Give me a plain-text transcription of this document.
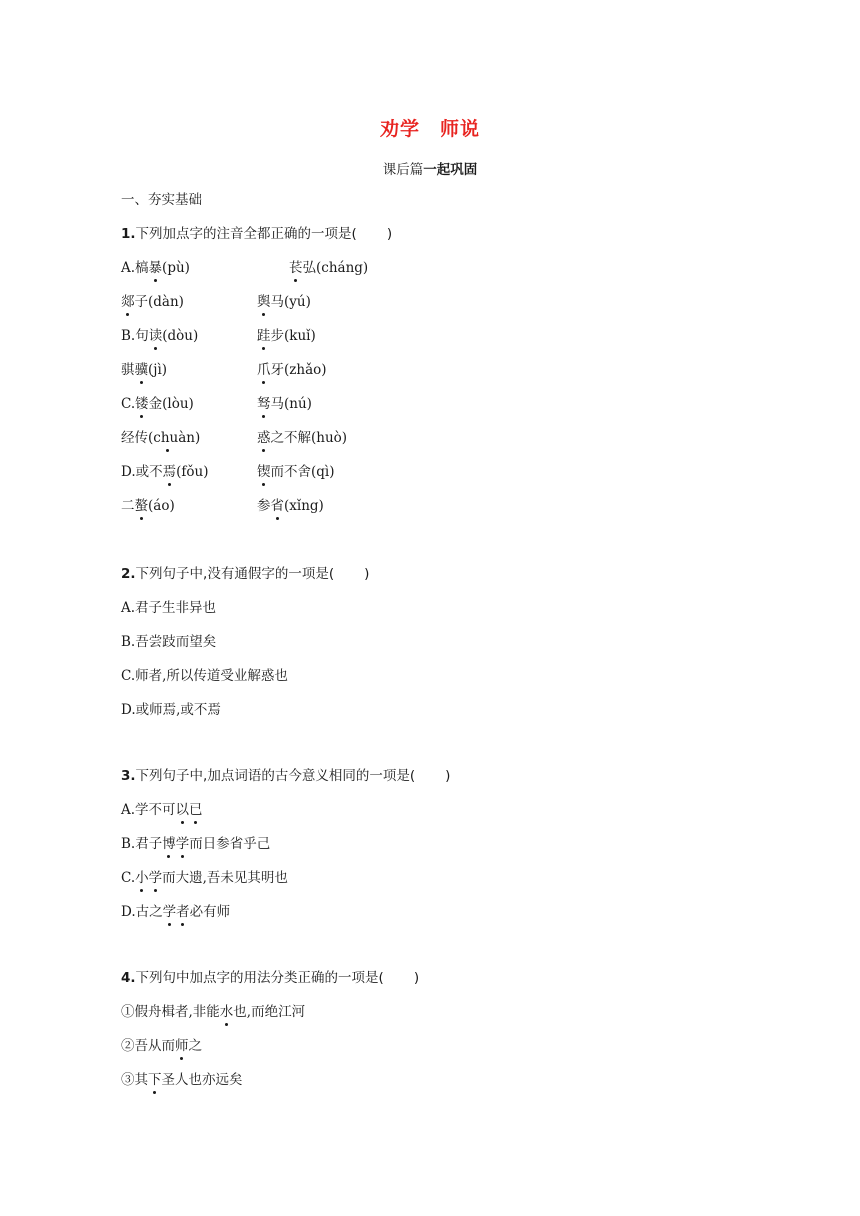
劝学　师说
课后篇一起巩固
一、夯实基础
1.下列加点字的注音全都正确的一项是( )
A.槁暴(pù)	苌弘(cháng)
郯子(dàn)	舆马(yú)
B.句读(dòu)	跬步(kuǐ)
骐骥(jì)	爪牙(zhǎo)
C.镂金(lòu)	驽马(nú)
经传(chuàn)	惑之不解(huò)
D.或不焉(fǒu)	锲而不舍(qì)
二螯(áo)	参省(xǐng)
2.下列句子中,没有通假字的一项是( )
A.君子生非异也
B.吾尝跂而望矣
C.师者,所以传道受业解惑也
D.或师焉,或不焉
3.下列句子中,加点词语的古今意义相同的一项是( )
A.学不可以已
B.君子博学而日参省乎己
C.小学而大遗,吾未见其明也
D.古之学者必有师
4.下列句中加点字的用法分类正确的一项是( )
①假舟楫者,非能水也,而绝江河
②吾从而师之
③其下圣人也亦远矣
